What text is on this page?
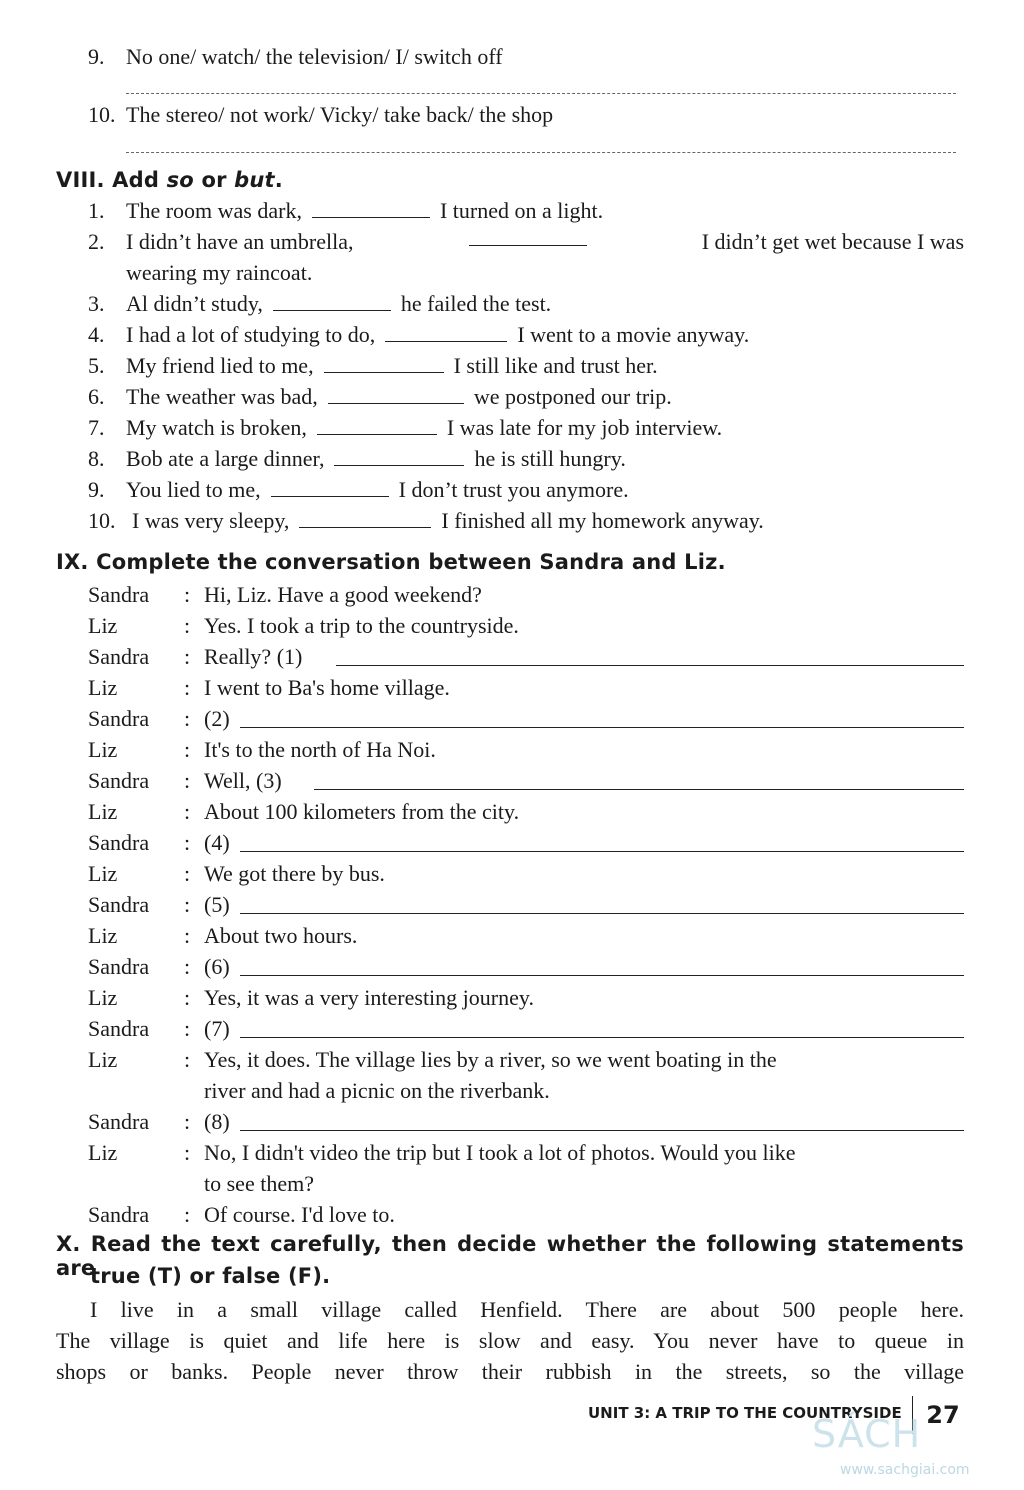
9. No one/ watch/ the television/ I/ switch off
10. The stereo/ not work/ Vicky/ take back/ the shop
VIII. Add so or but.
1. The room was dark,	I turned on a light.
2. I didn’t have an umbrella,	I didn’t get wet because I was
wearing my raincoat.
3. Al didn’t study,	he failed the test.
4. I had a lot of studying to do,	I went to a movie anyway.
5. My friend lied to me,	I still like and trust her.
6. The weather was bad,	we postponed our trip.
7. My watch is broken,	I was late for my job interview.
8. Bob ate a large dinner,	he is still hungry.
9. You lied to me,	I don’t trust you anymore.
10. I was very sleepy,	I finished all my homework anyway.
IX. Complete the conversation between Sandra and Liz.
Sandra : Hi, Liz. Have a good weekend?
Liz	: Yes. I took a trip to the countryside.
Sandra : Really? (1)
Liz	: I went to Ba's home village.
Sandra : (2)
Liz	: It's to the north of Ha Noi.
Sandra : Well, (3)
Liz	: About 100 kilometers from the city.
Sandra : (4)
Liz	: We got there by bus.
Sandra : (5)
Liz	: About two hours.
Sandra : (6)
Liz	: Yes, it was a very interesting journey.
Sandra : (7)
Liz	: Yes, it does. The village lies by a river, so we went boating in the
river and had a picnic on the riverbank.
Sandra : (8)
Liz	: No, I didn't video the trip but I took a lot of photos. Would you like
to see them?
Sandra : Of course. I'd love to.
X. Read the text carefully, then decide whether the following statements are
true (T) or false (F).
I live in a small village called Henfield. There are about 500 people here.
The village is quiet and life here is slow and easy. You never have to queue in
shops or banks. People never throw their rubbish in the streets, so the village
UNIT 3: A TRIP TO THE COUNTRYSIDE	27
SÁCH
www.sachgiai.com
